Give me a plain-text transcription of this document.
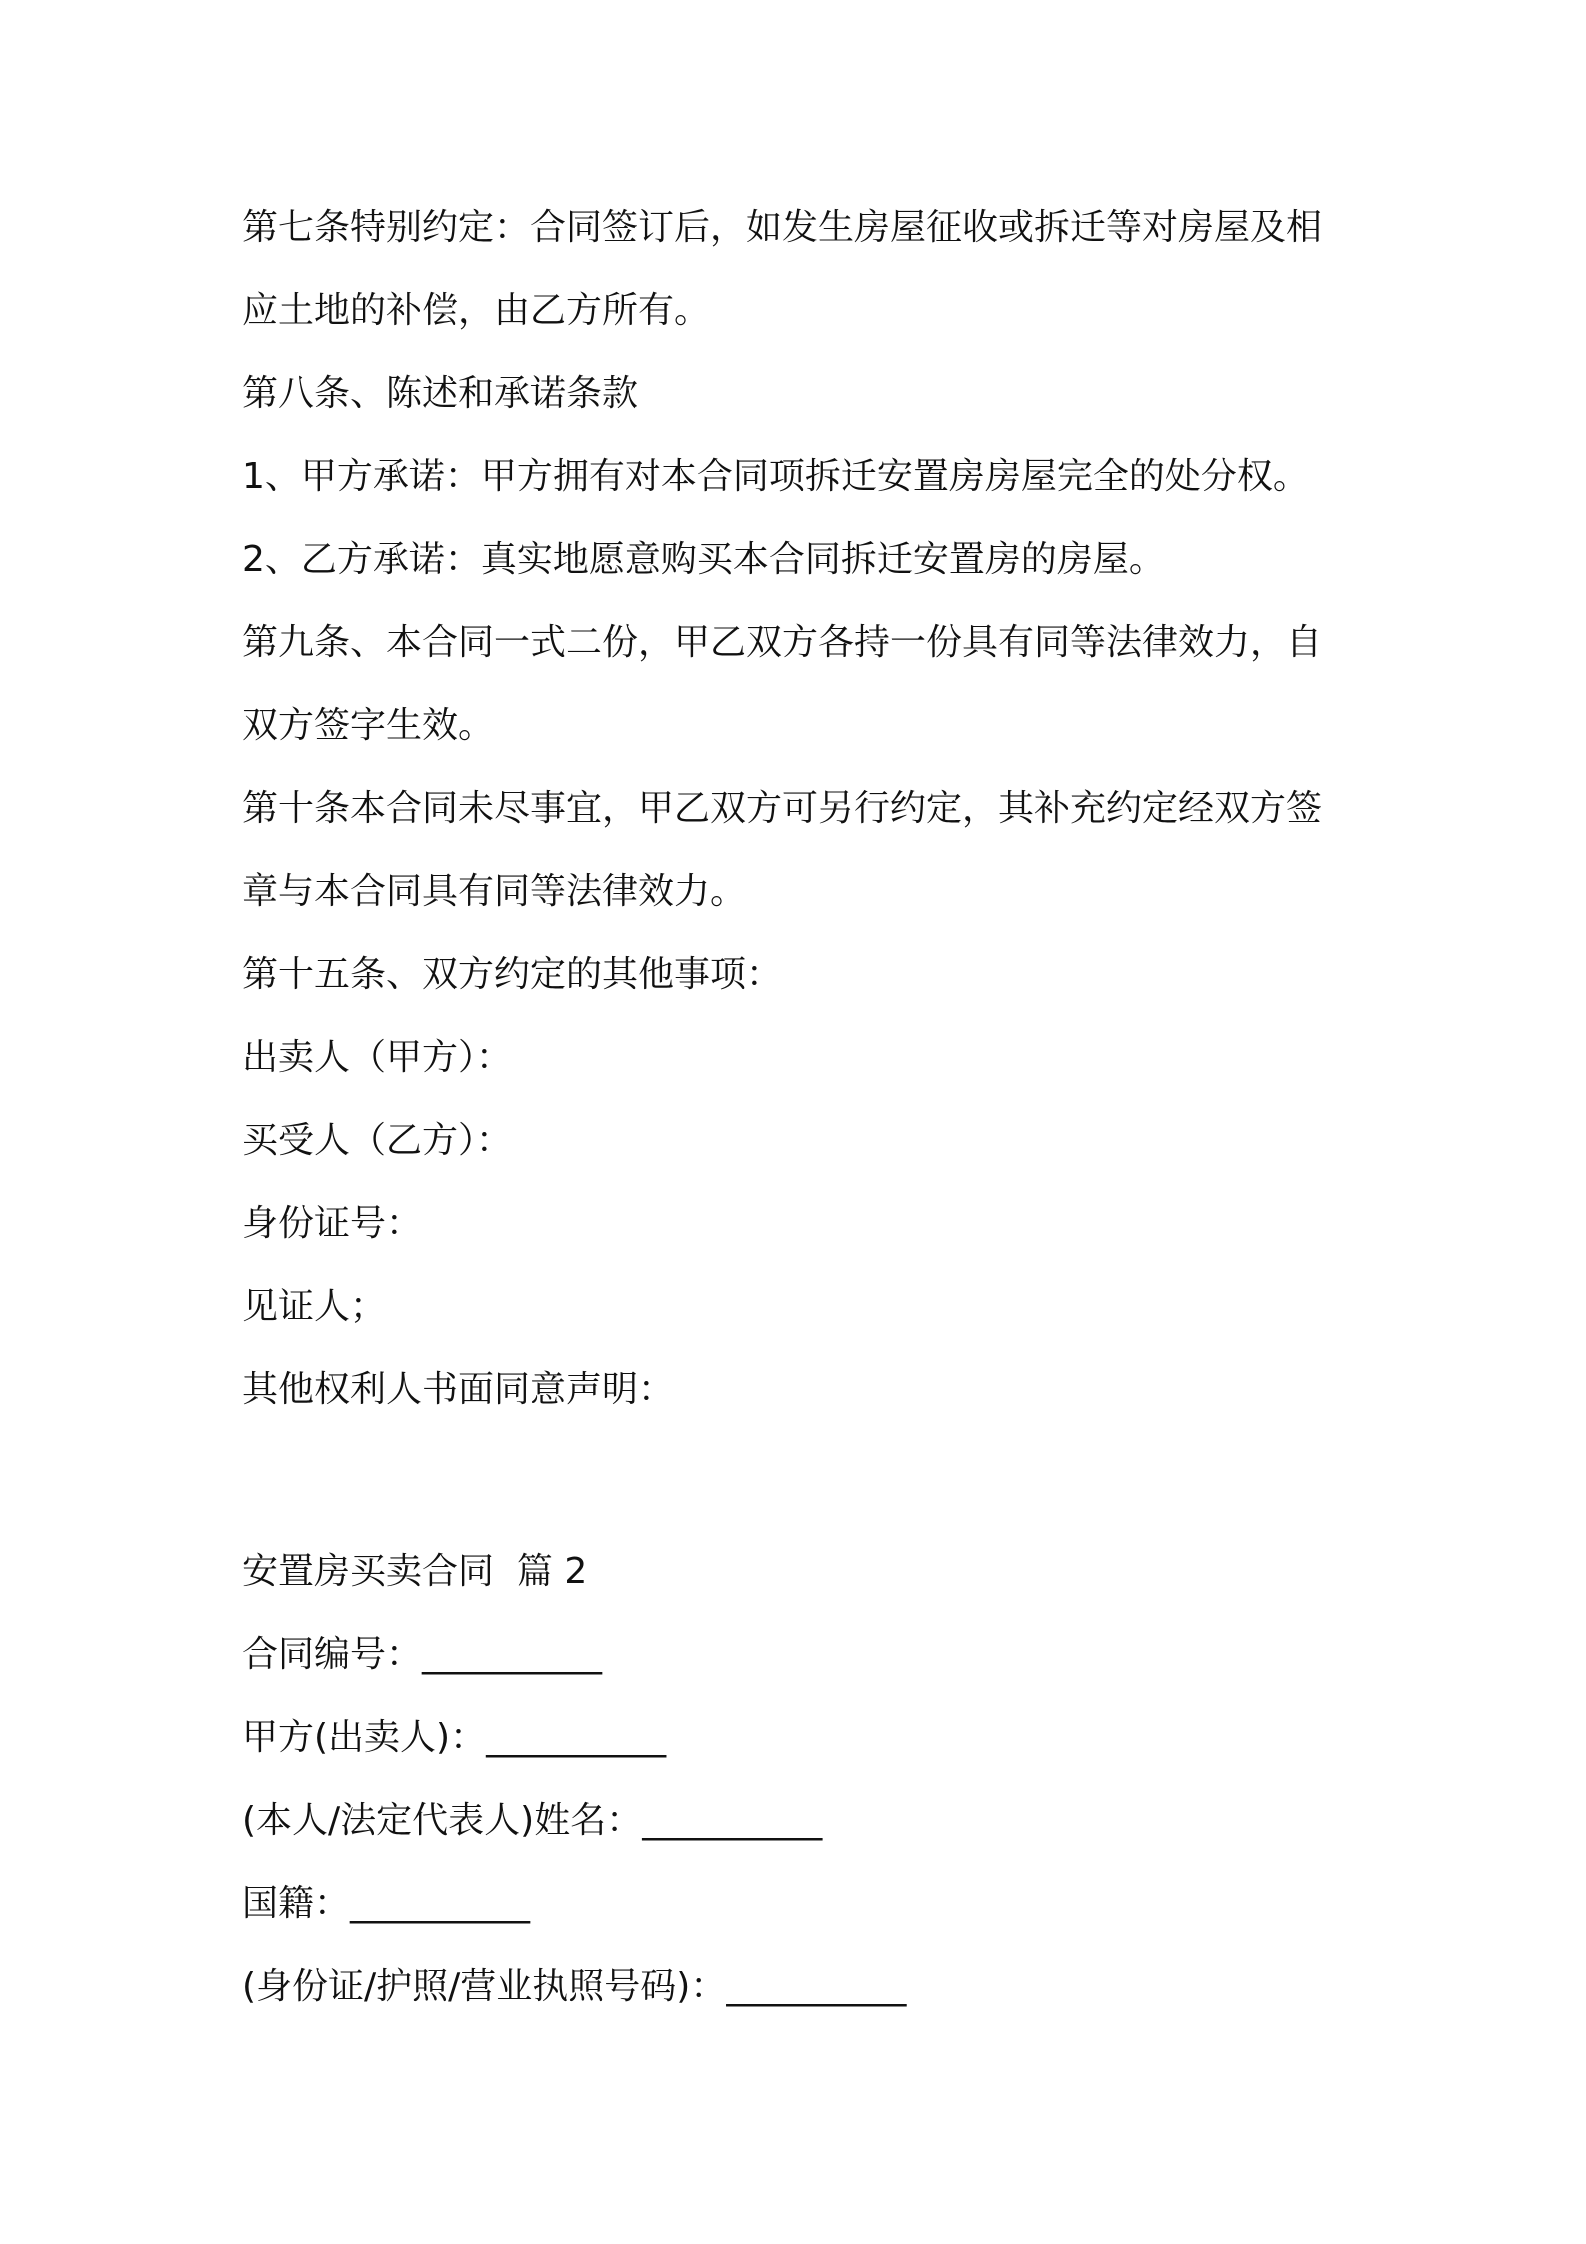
第七条特别约定：合同签订后，如发生房屋征收或拆迁等对房屋及相
应土地的补偿，由乙方所有。
第八条、陈述和承诺条款
1、甲方承诺：甲方拥有对本合同项拆迁安置房房屋完全的处分权。
2、乙方承诺：真实地愿意购买本合同拆迁安置房的房屋。
第九条、本合同一式二份，甲乙双方各持一份具有同等法律效力，自
双方签字生效。
第十条本合同未尽事宜，甲乙双方可另行约定，其补充约定经双方签
章与本合同具有同等法律效力。
第十五条、双方约定的其他事项：
出卖人（甲方）：
买受人（乙方）：
身份证号：
见证人；
其他权利人书面同意声明：
安置房买卖合同  篇 2
合同编号：__________
甲方(出卖人)：__________
(本人/法定代表人)姓名：__________
国籍：__________
(身份证/护照/营业执照号码)：__________
